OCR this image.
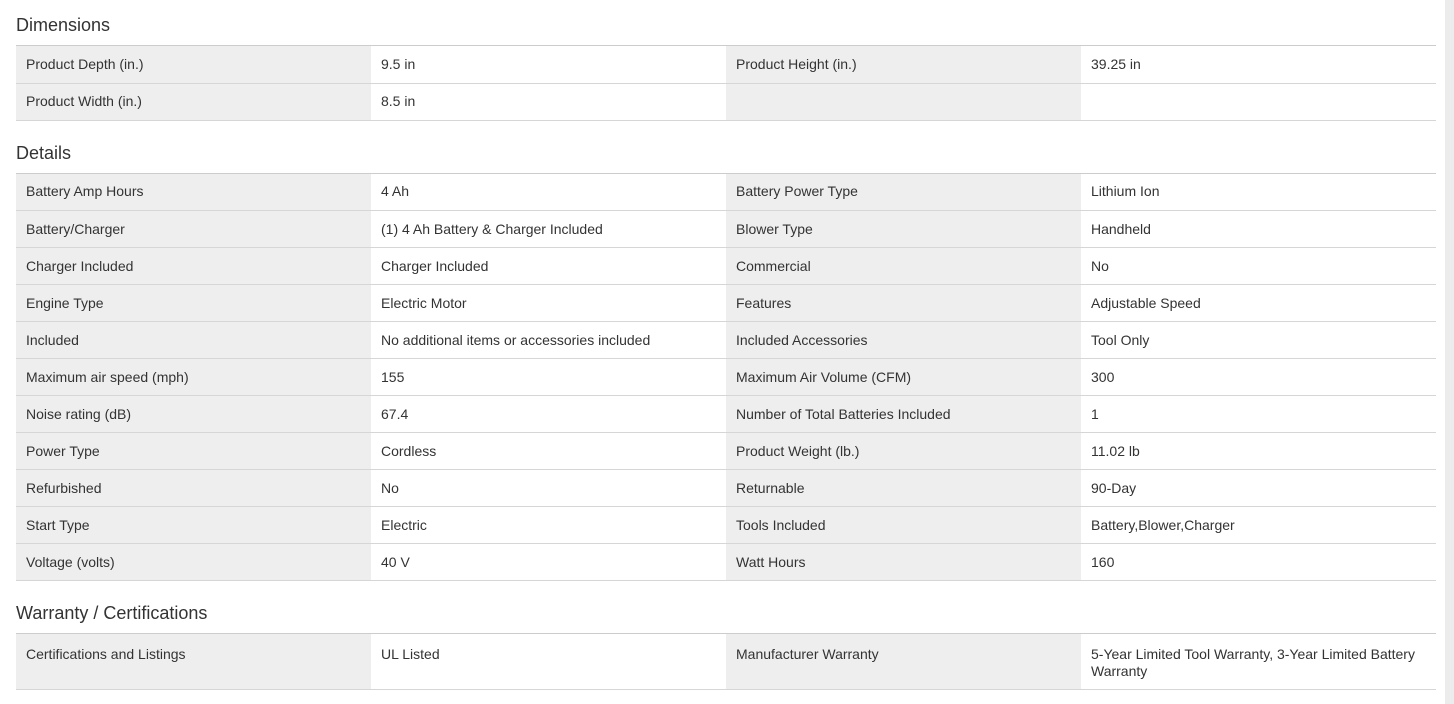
Dimensions
Product Depth (in.)	9.5 in	Product Height (in.)	39.25 in
Product Width (in.)	8.5 in		
Details
Battery Amp Hours	4 Ah	Battery Power Type	Lithium Ion
Battery/Charger	(1) 4 Ah Battery & Charger Included	Blower Type	Handheld
Charger Included	Charger Included	Commercial	No
Engine Type	Electric Motor	Features	Adjustable Speed
Included	No additional items or accessories included	Included Accessories	Tool Only
Maximum air speed (mph)	155	Maximum Air Volume (CFM)	300
Noise rating (dB)	67.4	Number of Total Batteries Included	1
Power Type	Cordless	Product Weight (lb.)	11.02 lb
Refurbished	No	Returnable	90-Day
Start Type	Electric	Tools Included	Battery,Blower,Charger
Voltage (volts)	40 V	Watt Hours	160
Warranty / Certifications
Certifications and Listings	UL Listed	Manufacturer Warranty	5-Year Limited Tool Warranty, 3-Year Limited Battery Warranty
